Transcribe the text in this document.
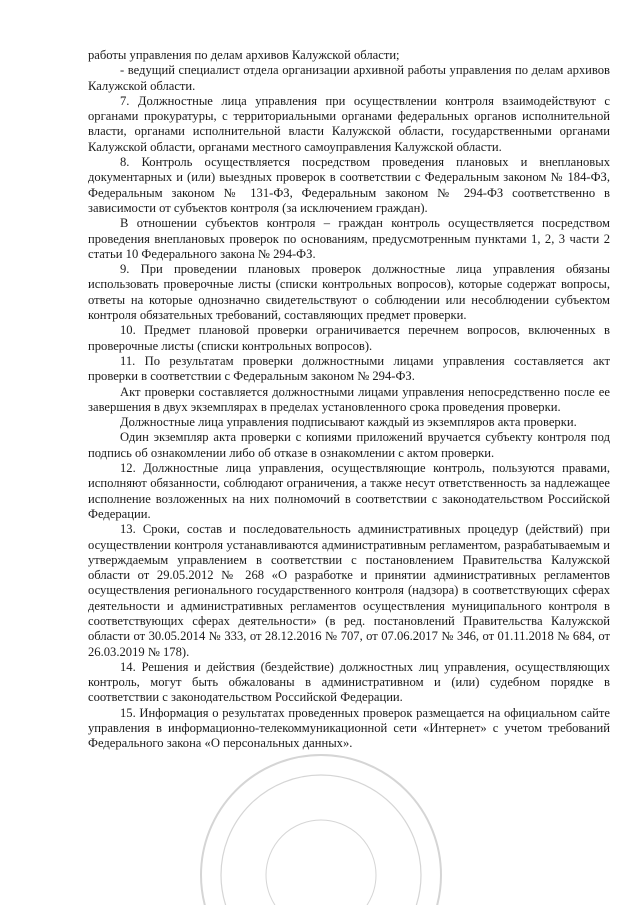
работы управления по делам архивов Калужской области;

- ведущий специалист отдела организации архивной работы управления по делам архивов Калужской области.

7. Должностные лица управления при осуществлении контроля взаимодействуют с органами прокуратуры, с территориальными органами федеральных органов исполнительной власти, органами исполнительной власти Калужской области, государственными органами Калужской области, органами местного самоуправления Калужской области.

8. Контроль осуществляется посредством проведения плановых и внеплановых документарных и (или) выездных проверок в соответствии с Федеральным законом № 184-ФЗ, Федеральным законом № 131-ФЗ, Федеральным законом № 294-ФЗ соответственно в зависимости от субъектов контроля (за исключением граждан).

В отношении субъектов контроля – граждан контроль осуществляется посредством проведения внеплановых проверок по основаниям, предусмотренным пунктами 1, 2, 3 части 2 статьи 10 Федерального закона № 294-ФЗ.

9. При проведении плановых проверок должностные лица управления обязаны использовать проверочные листы (списки контрольных вопросов), которые содержат вопросы, ответы на которые однозначно свидетельствуют о соблюдении или несоблюдении субъектом контроля обязательных требований, составляющих предмет проверки.

10. Предмет плановой проверки ограничивается перечнем вопросов, включенных в проверочные листы (списки контрольных вопросов).

11. По результатам проверки должностными лицами управления составляется акт проверки в соответствии с Федеральным законом № 294-ФЗ.

Акт проверки составляется должностными лицами управления непосредственно после ее завершения в двух экземплярах в пределах установленного срока проведения проверки.

Должностные лица управления подписывают каждый из экземпляров акта проверки.

Один экземпляр акта проверки с копиями приложений вручается субъекту контроля под подпись об ознакомлении либо об отказе в ознакомлении с актом проверки.

12. Должностные лица управления, осуществляющие контроль, пользуются правами, исполняют обязанности, соблюдают ограничения, а также несут ответственность за надлежащее исполнение возложенных на них полномочий в соответствии с законодательством Российской Федерации.

13. Сроки, состав и последовательность административных процедур (действий) при осуществлении контроля устанавливаются административным регламентом, разрабатываемым и утверждаемым управлением в соответствии с постановлением Правительства Калужской области от 29.05.2012 № 268 «О разработке и принятии административных регламентов осуществления регионального государственного контроля (надзора) в соответствующих сферах деятельности и административных регламентов осуществления муниципального контроля в соответствующих сферах деятельности» (в ред. постановлений Правительства Калужской области от 30.05.2014 № 333, от 28.12.2016 № 707, от 07.06.2017 № 346, от 01.11.2018 № 684, от 26.03.2019 № 178).

14. Решения и действия (бездействие) должностных лиц управления, осуществляющих контроль, могут быть обжалованы в административном и (или) судебном порядке в соответствии с законодательством Российской Федерации.

15. Информация о результатах проведенных проверок размещается на официальном сайте управления в информационно-телекоммуникационной сети «Интернет» с учетом требований Федерального закона «О персональных данных».
